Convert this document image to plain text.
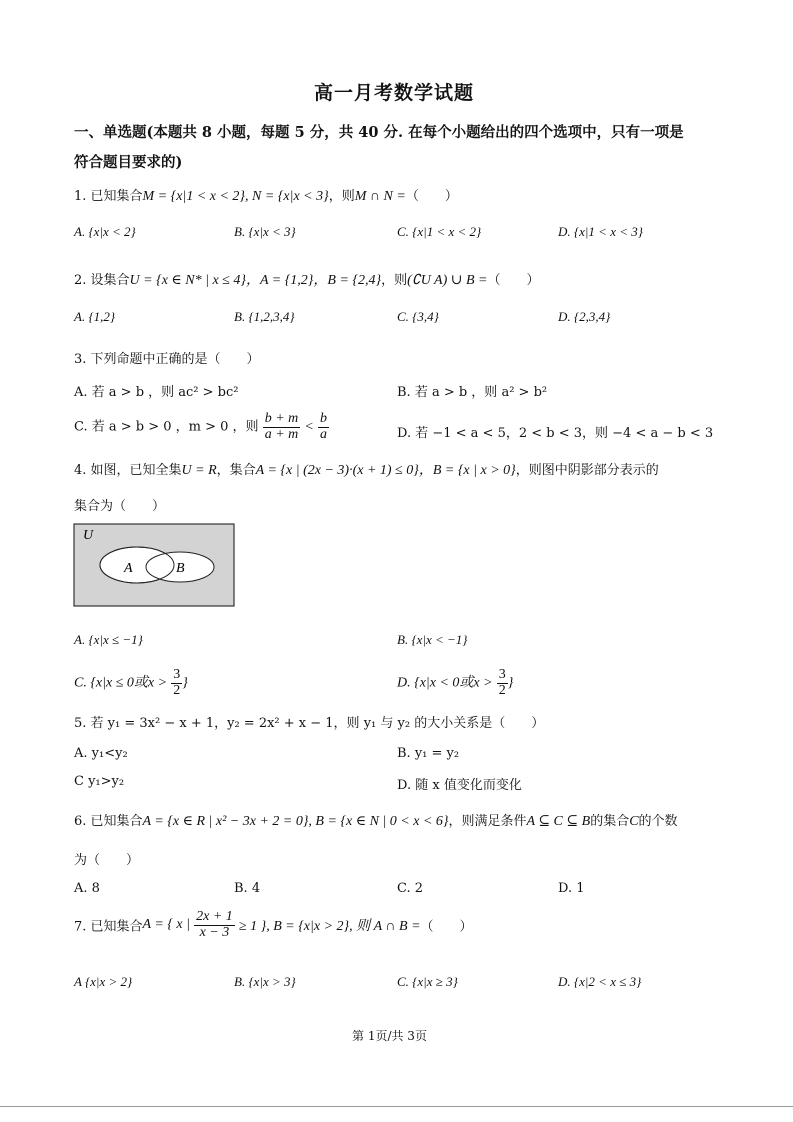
高一月考数学试题
一、单选题(本题共 8 小题，每题 5 分，共 40 分. 在每个小题给出的四个选项中，只有一项是
符合题目要求的)
1. 已知集合M = {x|1 < x < 2}, N = {x|x < 3}，则M ∩ N =（　　）
A. {x|x < 2}	B. {x|x < 3}	C. {x|1 < x < 2}	D. {x|1 < x < 3}
2. 设集合U = {x ∈ N* | x ≤ 4}，A = {1,2}，B = {2,4}，则(∁U A) ∪ B =（　　）
A. {1,2}	B. {1,2,3,4}	C. {3,4}	D. {2,3,4}
3. 下列命题中正确的是（　　）
A. 若 a > b ，则 ac² > bc²	B. 若 a > b ，则 a² > b²
C. 若 a > b > 0 ，m > 0 ，则 $\frac{b + m}{a + m} < \frac{b}{a}$	D. 若 −1 < a < 5，2 < b < 3，则 −4 < a − b < 3
4. 如图，已知全集U = R，集合A = {x | (2x − 3)·(x + 1) ≤ 0}，B = {x | x > 0}，则图中阴影部分表示的
集合为（　　）
U
A	B
A. {x|x ≤ −1}	B. {x|x < −1}
C. {x|x ≤ 0或$x > \frac{3}{2}$ }	D. {x|x < 0或$x > \frac{3}{2}$ }
5. 若 y₁ = 3x² − x + 1，y₂ = 2x² + x − 1，则 y₁ 与 y₂ 的大小关系是（　　）
A. y₁<y₂	B. y₁ = y₂
C y₁>y₂	D. 随 x 值变化而变化
6. 已知集合A = {x ∈ R | x² − 3x + 2 = 0}, B = {x ∈ N | 0 < x < 6}，则满足条件A ⊆ C ⊆ B的集合C的个数
为（　　）
A. 8	B. 4	C. 2	D. 1
7. 已知集合A = { x | $\frac{2x + 1}{x - 3} \ge 1$ }, B = {x|x > 2}, 则 A ∩ B =（　　）
A {x|x > 2}	B. {x|x > 3}	C. {x|x ≥ 3}	D. {x|2 < x ≤ 3}
第 1页/共 3页
